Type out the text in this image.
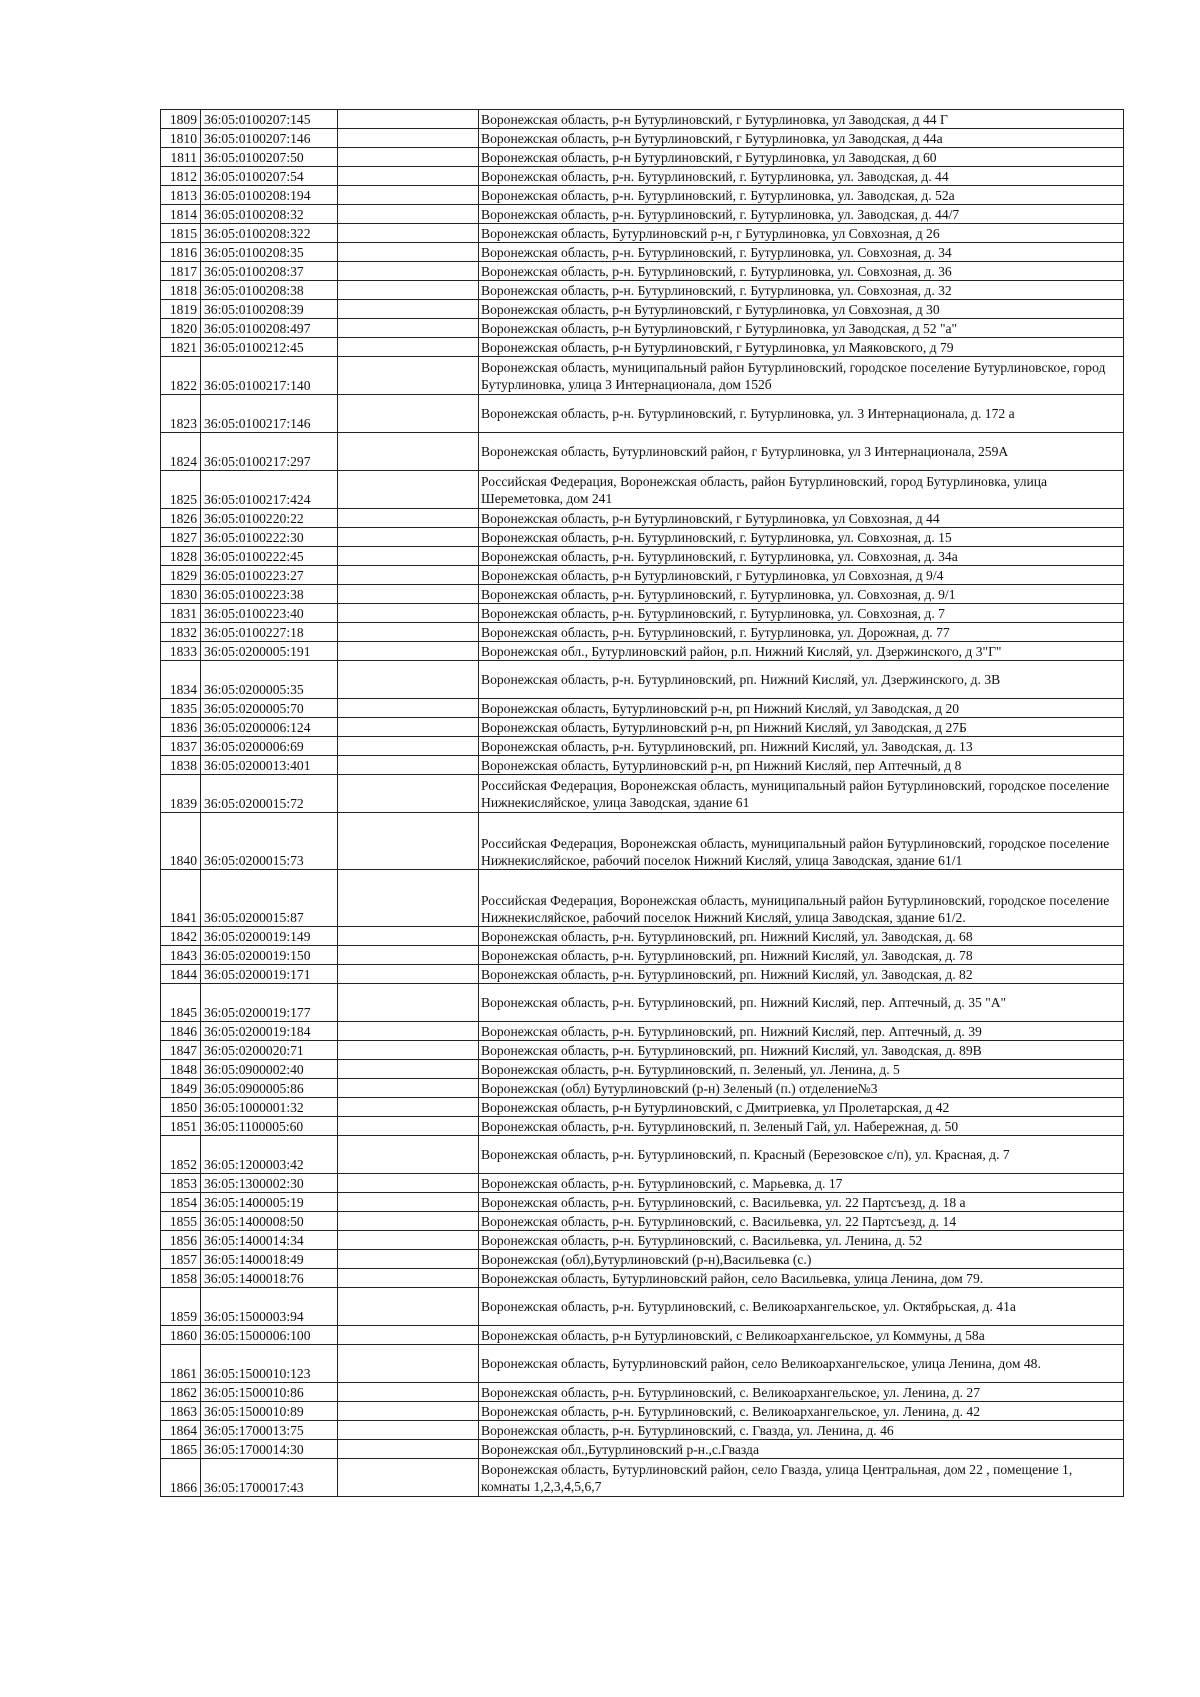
1809	36:05:0100207:145		Воронежская область, р-н Бутурлиновский, г Бутурлиновка, ул Заводская, д 44 Г
1810	36:05:0100207:146		Воронежская область, р-н Бутурлиновский, г Бутурлиновка, ул Заводская, д 44а
1811	36:05:0100207:50		Воронежская область, р-н Бутурлиновский, г Бутурлиновка, ул Заводская, д 60
1812	36:05:0100207:54		Воронежская область, р-н. Бутурлиновский, г. Бутурлиновка, ул. Заводская, д. 44
1813	36:05:0100208:194		Воронежская область, р-н. Бутурлиновский, г. Бутурлиновка, ул. Заводская, д. 52а
1814	36:05:0100208:32		Воронежская область, р-н. Бутурлиновский, г. Бутурлиновка, ул. Заводская, д. 44/7
1815	36:05:0100208:322		Воронежская область, Бутурлиновский р-н, г Бутурлиновка, ул Совхозная, д 26
1816	36:05:0100208:35		Воронежская область, р-н. Бутурлиновский, г. Бутурлиновка, ул. Совхозная, д. 34
1817	36:05:0100208:37		Воронежская область, р-н. Бутурлиновский, г. Бутурлиновка, ул. Совхозная, д. 36
1818	36:05:0100208:38		Воронежская область, р-н. Бутурлиновский, г. Бутурлиновка, ул. Совхозная, д. 32
1819	36:05:0100208:39		Воронежская область, р-н Бутурлиновский, г Бутурлиновка, ул Совхозная, д 30
1820	36:05:0100208:497		Воронежская область, р-н Бутурлиновский, г Бутурлиновка, ул Заводская, д 52 "а"
1821	36:05:0100212:45		Воронежская область, р-н Бутурлиновский, г Бутурлиновка, ул Маяковского, д 79
1822	36:05:0100217:140		Воронежская область, муниципальный район Бутурлиновский, городское поселение Бутурлиновское, город Бутурлиновка, улица 3 Интернационала, дом 152б
1823	36:05:0100217:146		Воронежская область, р-н. Бутурлиновский, г. Бутурлиновка, ул. 3 Интернационала, д. 172 а
1824	36:05:0100217:297		Воронежская область, Бутурлиновский район, г Бутурлиновка, ул 3 Интернационала, 259А
1825	36:05:0100217:424		Российская Федерация, Воронежская область, район Бутурлиновский, город Бутурлиновка, улица Шереметовка, дом 241
1826	36:05:0100220:22		Воронежская область, р-н Бутурлиновский, г Бутурлиновка, ул Совхозная, д 44
1827	36:05:0100222:30		Воронежская область, р-н. Бутурлиновский, г. Бутурлиновка, ул. Совхозная, д. 15
1828	36:05:0100222:45		Воронежская область, р-н. Бутурлиновский, г. Бутурлиновка, ул. Совхозная, д. 34а
1829	36:05:0100223:27		Воронежская область, р-н Бутурлиновский, г Бутурлиновка, ул Совхозная, д 9/4
1830	36:05:0100223:38		Воронежская область, р-н. Бутурлиновский, г. Бутурлиновка, ул. Совхозная, д. 9/1
1831	36:05:0100223:40		Воронежская область, р-н. Бутурлиновский, г. Бутурлиновка, ул. Совхозная, д. 7
1832	36:05:0100227:18		Воронежская область, р-н. Бутурлиновский, г. Бутурлиновка, ул. Дорожная, д. 77
1833	36:05:0200005:191		Воронежская обл., Бутурлиновский район, р.п. Нижний Кисляй, ул. Дзержинского, д 3"Г"
1834	36:05:0200005:35		Воронежская область, р-н. Бутурлиновский, рп. Нижний Кисляй, ул. Дзержинского, д. 3В
1835	36:05:0200005:70		Воронежская область, Бутурлиновский р-н, рп Нижний Кисляй, ул Заводская, д 20
1836	36:05:0200006:124		Воронежская область, Бутурлиновский р-н, рп Нижний Кисляй, ул Заводская, д 27Б
1837	36:05:0200006:69		Воронежская область, р-н. Бутурлиновский, рп. Нижний Кисляй, ул. Заводская, д. 13
1838	36:05:0200013:401		Воронежская область, Бутурлиновский р-н, рп Нижний Кисляй, пер Аптечный, д 8
1839	36:05:0200015:72		Российская Федерация, Воронежская область, муниципальный район Бутурлиновский, городское поселение Нижнекисляйское, улица Заводская, здание 61
1840	36:05:0200015:73		Российская Федерация, Воронежская область, муниципальный район Бутурлиновский, городское поселение Нижнекисляйское, рабочий поселок Нижний Кисляй, улица Заводская, здание 61/1
1841	36:05:0200015:87		Российская Федерация, Воронежская область, муниципальный район Бутурлиновский, городское поселение Нижнекисляйское, рабочий поселок Нижний Кисляй, улица Заводская, здание 61/2.
1842	36:05:0200019:149		Воронежская область, р-н. Бутурлиновский, рп. Нижний Кисляй, ул. Заводская, д. 68
1843	36:05:0200019:150		Воронежская область, р-н. Бутурлиновский, рп. Нижний Кисляй, ул. Заводская, д. 78
1844	36:05:0200019:171		Воронежская область, р-н. Бутурлиновский, рп. Нижний Кисляй, ул. Заводская, д. 82
1845	36:05:0200019:177		Воронежская область, р-н. Бутурлиновский, рп. Нижний Кисляй, пер. Аптечный, д. 35 "А"
1846	36:05:0200019:184		Воронежская область, р-н. Бутурлиновский, рп. Нижний Кисляй, пер. Аптечный, д. 39
1847	36:05:0200020:71		Воронежская область, р-н. Бутурлиновский, рп. Нижний Кисляй, ул. Заводская, д. 89В
1848	36:05:0900002:40		Воронежская область, р-н. Бутурлиновский, п. Зеленый, ул. Ленина, д. 5
1849	36:05:0900005:86		Воронежская (обл) Бутурлиновский (р-н) Зеленый (п.) отделение№3
1850	36:05:1000001:32		Воронежская область, р-н Бутурлиновский, с Дмитриевка, ул Пролетарская, д 42
1851	36:05:1100005:60		Воронежская область, р-н. Бутурлиновский, п. Зеленый Гай, ул. Набережная, д. 50
1852	36:05:1200003:42		Воронежская область, р-н. Бутурлиновский, п. Красный (Березовское с/п), ул. Красная, д. 7
1853	36:05:1300002:30		Воронежская область, р-н. Бутурлиновский, с. Марьевка, д. 17
1854	36:05:1400005:19		Воронежская область, р-н. Бутурлиновский, с. Васильевка, ул. 22 Партсъезд, д. 18 а
1855	36:05:1400008:50		Воронежская область, р-н. Бутурлиновский, с. Васильевка, ул. 22 Партсъезд, д. 14
1856	36:05:1400014:34		Воронежская область, р-н. Бутурлиновский, с. Васильевка, ул. Ленина, д. 52
1857	36:05:1400018:49		Воронежская (обл),Бутурлиновский (р-н),Васильевка (с.)
1858	36:05:1400018:76		Воронежская область, Бутурлиновский район, село Васильевка, улица Ленина, дом 79.
1859	36:05:1500003:94		Воронежская область, р-н. Бутурлиновский, с. Великоархангельское, ул. Октябрьская, д. 41а
1860	36:05:1500006:100		Воронежская область, р-н Бутурлиновский, с Великоархангельское, ул Коммуны, д 58а
1861	36:05:1500010:123		Воронежская область, Бутурлиновский район, село Великоархангельское, улица Ленина, дом 48.
1862	36:05:1500010:86		Воронежская область, р-н. Бутурлиновский, с. Великоархангельское, ул. Ленина, д. 27
1863	36:05:1500010:89		Воронежская область, р-н. Бутурлиновский, с. Великоархангельское, ул. Ленина, д. 42
1864	36:05:1700013:75		Воронежская область, р-н. Бутурлиновский, с. Гвазда, ул. Ленина, д. 46
1865	36:05:1700014:30		Воронежская обл.,Бутурлиновский р-н.,с.Гвазда
1866	36:05:1700017:43		Воронежская область, Бутурлиновский район, село Гвазда, улица Центральная, дом 22 , помещение 1, комнаты 1,2,3,4,5,6,7
